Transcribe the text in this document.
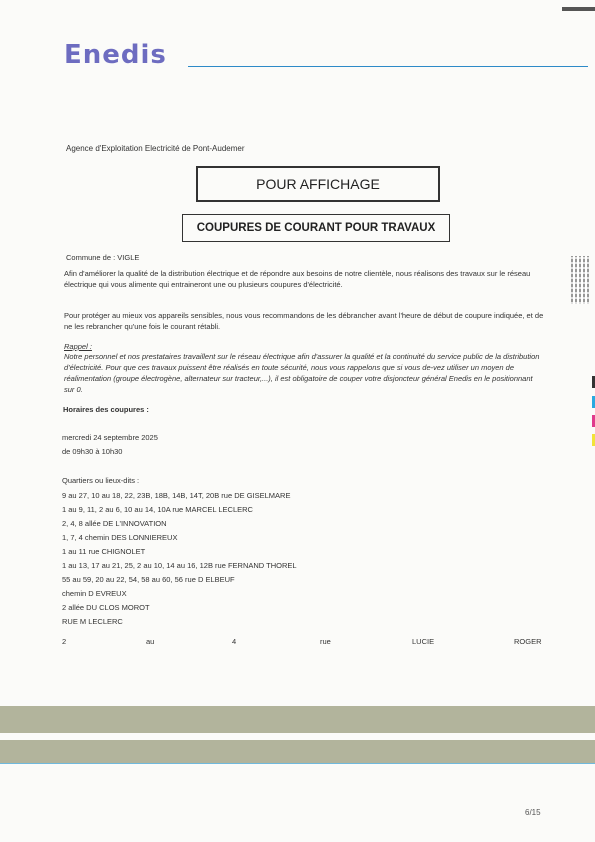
Enedis
Agence d'Exploitation Electricité de Pont-Audemer
POUR AFFICHAGE
COUPURES DE COURANT POUR TRAVAUX
Commune de : VIGLE
Afin d'améliorer la qualité de la distribution électrique et de répondre aux besoins de notre clientèle, nous réalisons des travaux sur le réseau électrique qui vous alimente qui entraineront une ou plusieurs coupures d'électricité.
Pour protéger au mieux vos appareils sensibles, nous vous recommandons de les débrancher avant l'heure de début de coupure indiquée, et de ne les rebrancher qu'une fois le courant rétabli.
Rappel :
Notre personnel et nos prestataires travaillent sur le réseau électrique afin d'assurer la qualité et la continuité du service public de la distribution d'électricité. Pour que ces travaux puissent être réalisés en toute sécurité, nous vous rappelons que si vous de-vez utiliser un moyen de réalimentation (groupe électrogène, alternateur sur tracteur,...), il est obligatoire de couper votre disjoncteur général Enedis en le positionnant sur 0.
Horaires des coupures :
mercredi 24 septembre 2025
de 09h30 à 10h30
Quartiers ou lieux-dits :
9 au 27, 10 au 18, 22, 23B, 18B, 14B, 14T, 20B rue DE GISELMARE
1 au 9, 11, 2 au 6, 10 au 14, 10A rue MARCEL LECLERC
2, 4, 8 allée DE L'INNOVATION
1, 7, 4 chemin DES LONNIEREUX
1 au 11 rue CHIGNOLET
1 au 13, 17 au 21, 25, 2 au 10, 14 au 16, 12B rue FERNAND THOREL
55 au 59, 20 au 22, 54, 58 au 60, 56 rue D ELBEUF
chemin D EVREUX
2 allée DU CLOS MOROT
RUE M LECLERC
2	au	4	rue	LUCIE	ROGER
6/15
